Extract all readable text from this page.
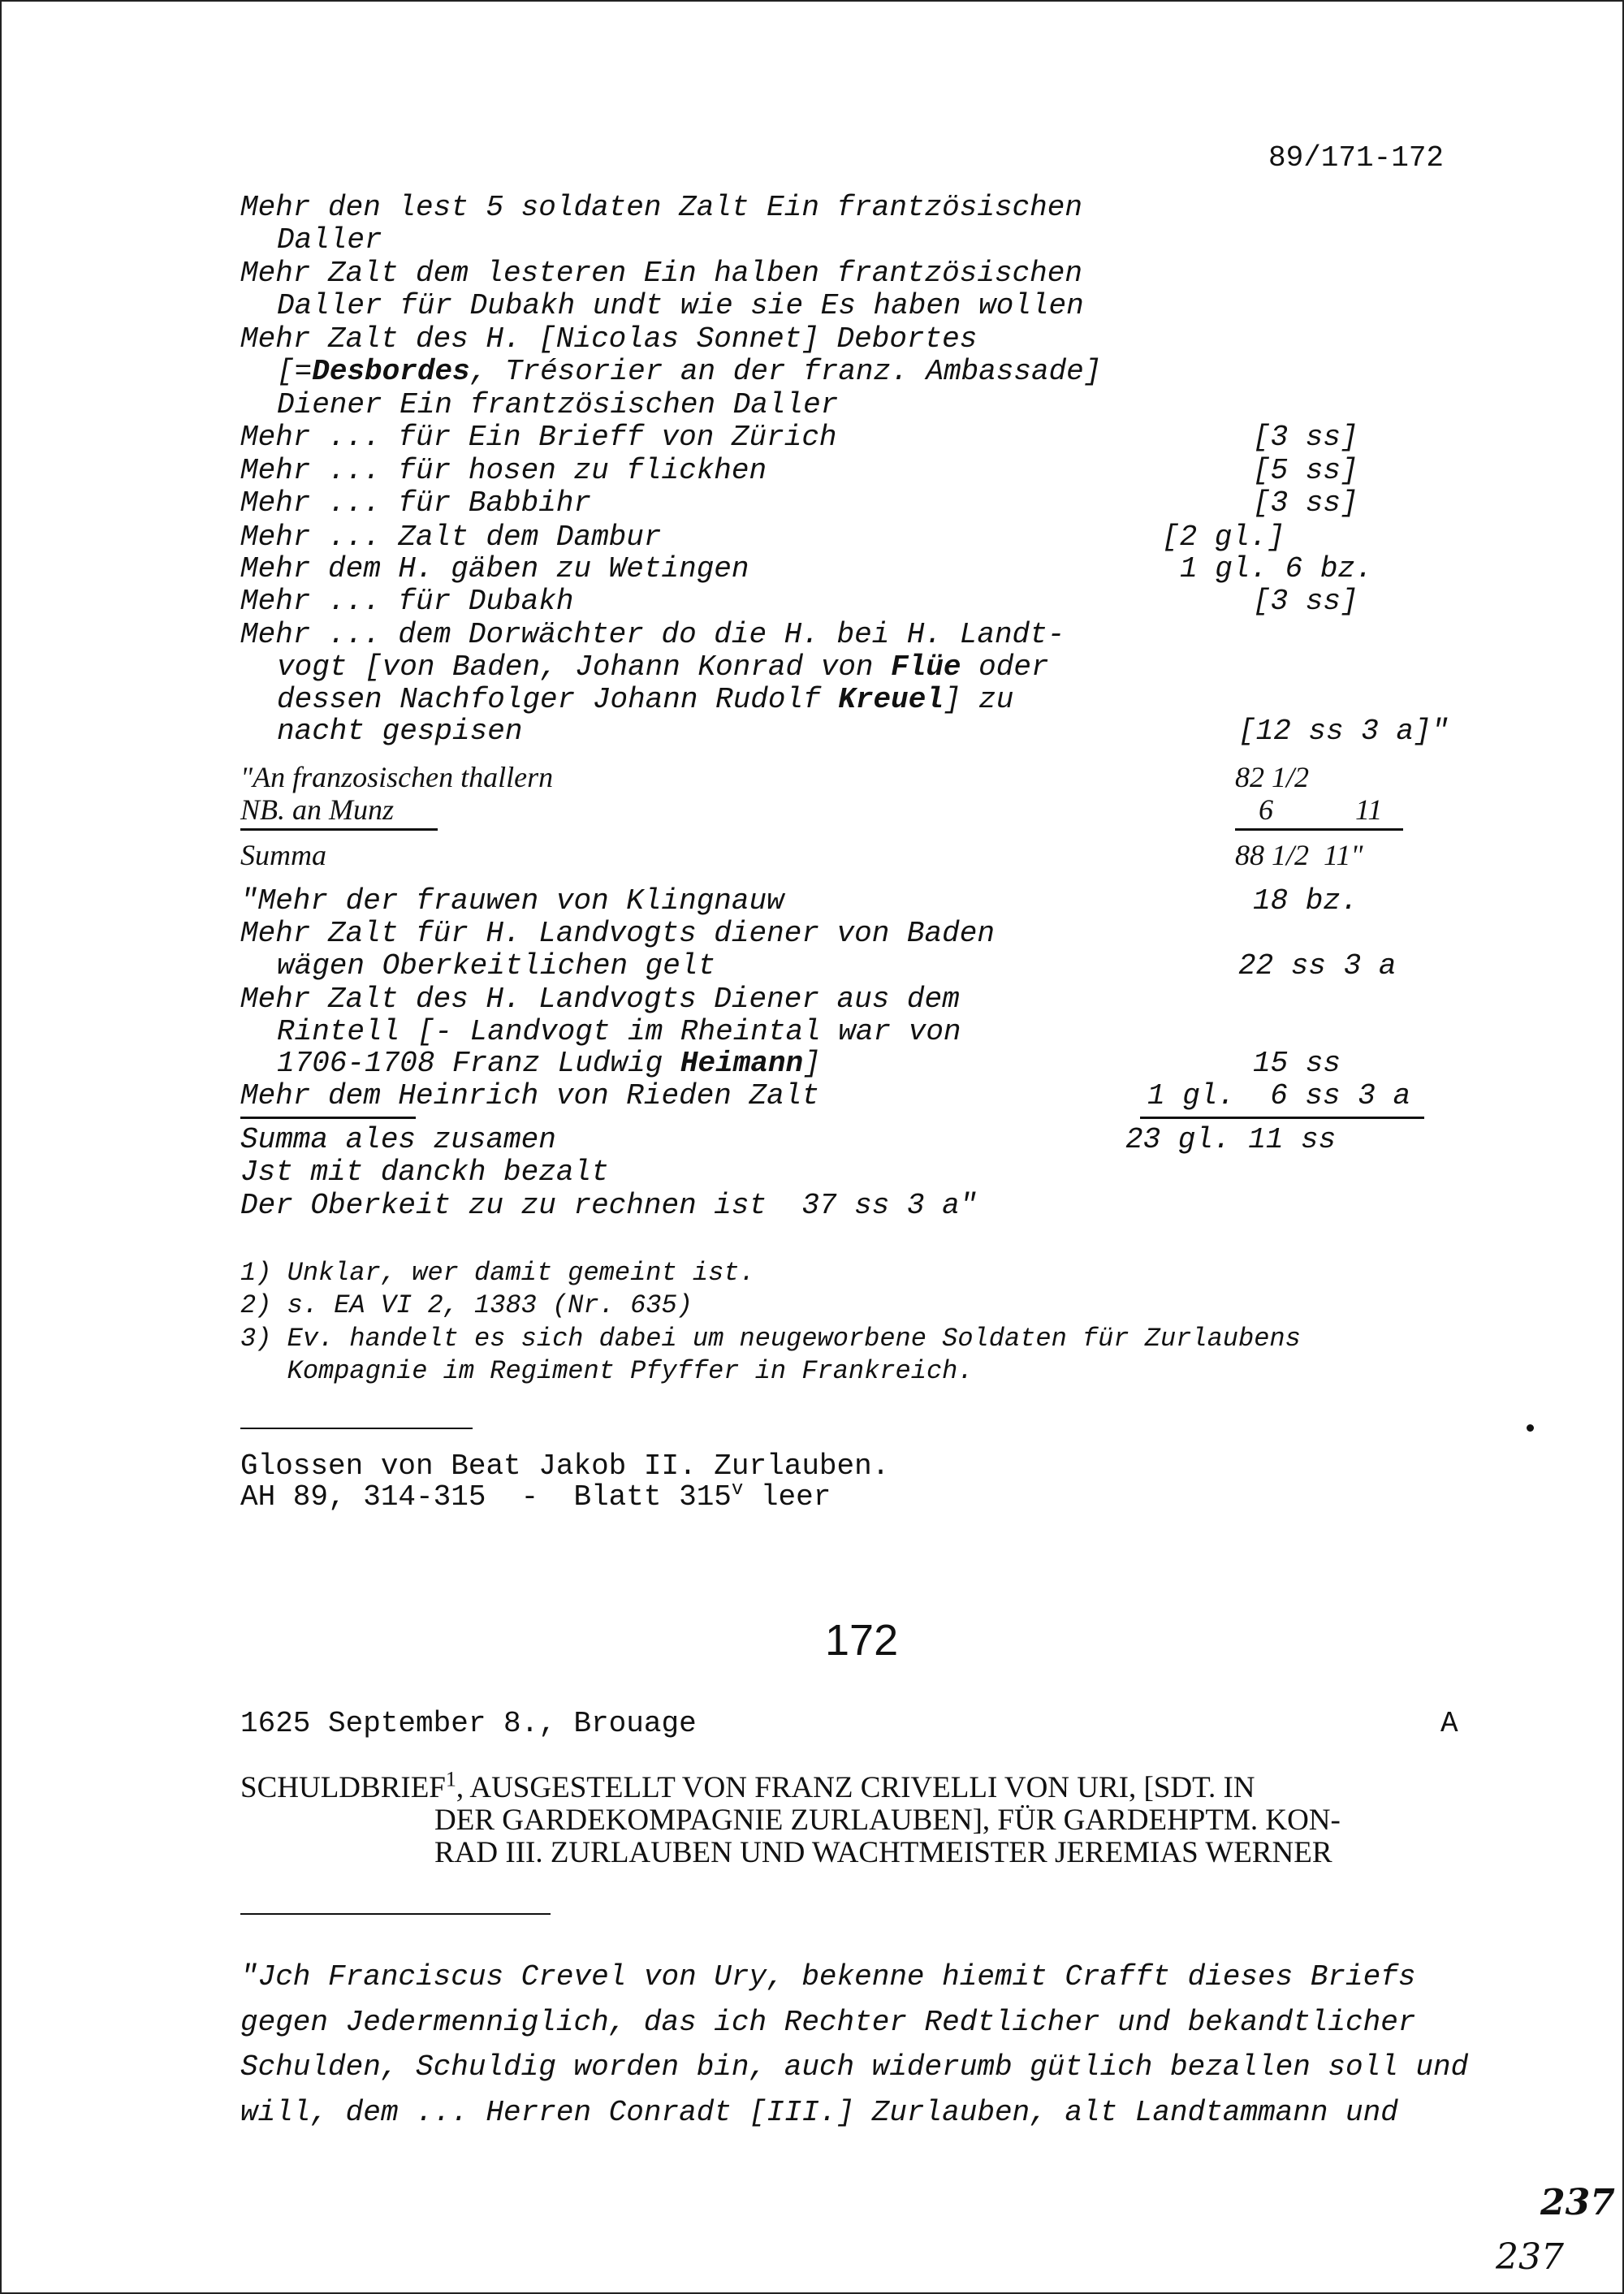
89/171-172
Mehr den lest 5 soldaten Zalt Ein frantzösischen
Daller
Mehr Zalt dem lesteren Ein halben frantzösischen
Daller für Dubakh undt wie sie Es haben wollen
Mehr Zalt des H. [Nicolas Sonnet] Debortes
[=Desbordes, Trésorier an der franz. Ambassade]
Diener Ein frantzösischen Daller
Mehr ... für Ein Brieff von Zürich	[3 ss]
Mehr ... für hosen zu flickhen	[5 ss]
Mehr ... für Babbihr	[3 ss]
Mehr ... Zalt dem Dambur	[2 gl.]
Mehr dem H. gäben zu Wetingen	1 gl. 6 bz.
Mehr ... für Dubakh	[3 ss]
Mehr ... dem Dorwächter do die H. bei H. Landt-
vogt [von Baden, Johann Konrad von Flüe oder
dessen Nachfolger Johann Rudolf Kreuel] zu
nacht gespisen	[12 ss 3 a]"
"An franzosischen thallern	82 1/2
NB. an Munz	6	11
Summa	88 1/2  11"
"Mehr der frauwen von Klingnauw	18 bz.
Mehr Zalt für H. Landvogts diener von Baden
wägen Oberkeitlichen gelt	22 ss 3 a
Mehr Zalt des H. Landvogts Diener aus dem
Rintell [- Landvogt im Rheintal war von
1706-1708 Franz Ludwig Heimann]	15 ss
Mehr dem Heinrich von Rieden Zalt	1 gl.  6 ss 3 a
Summa ales zusamen	23 gl. 11 ss
Jst mit danckh bezalt
Der Oberkeit zu zu rechnen ist  37 ss 3 a"
1) Unklar, wer damit gemeint ist.
2) s. EA VI 2, 1383 (Nr. 635)
3) Ev. handelt es sich dabei um neugeworbene Soldaten für Zurlaubens
Kompagnie im Regiment Pfyffer in Frankreich.
Glossen von Beat Jakob II. Zurlauben.
AH 89, 314-315  -  Blatt 315$^v$ leer
172
1625 September 8., Brouage	A
SCHULDBRIEF$^1$, AUSGESTELLT VON FRANZ CRIVELLI VON URI, [SDT. IN
DER GARDEKOMPAGNIE ZURLAUBEN], FÜR GARDEHPTM. KON-
RAD III. ZURLAUBEN UND WACHTMEISTER JEREMIAS WERNER
"Jch Franciscus Crevel von Ury, bekenne hiemit Crafft dieses Briefs
gegen Jedermenniglich, das ich Rechter Redtlicher und bekandtlicher
Schulden, Schuldig worden bin, auch widerumb gütlich bezallen soll und
will, dem ... Herren Conradt [III.] Zurlauben, alt Landtammann und
237
237
